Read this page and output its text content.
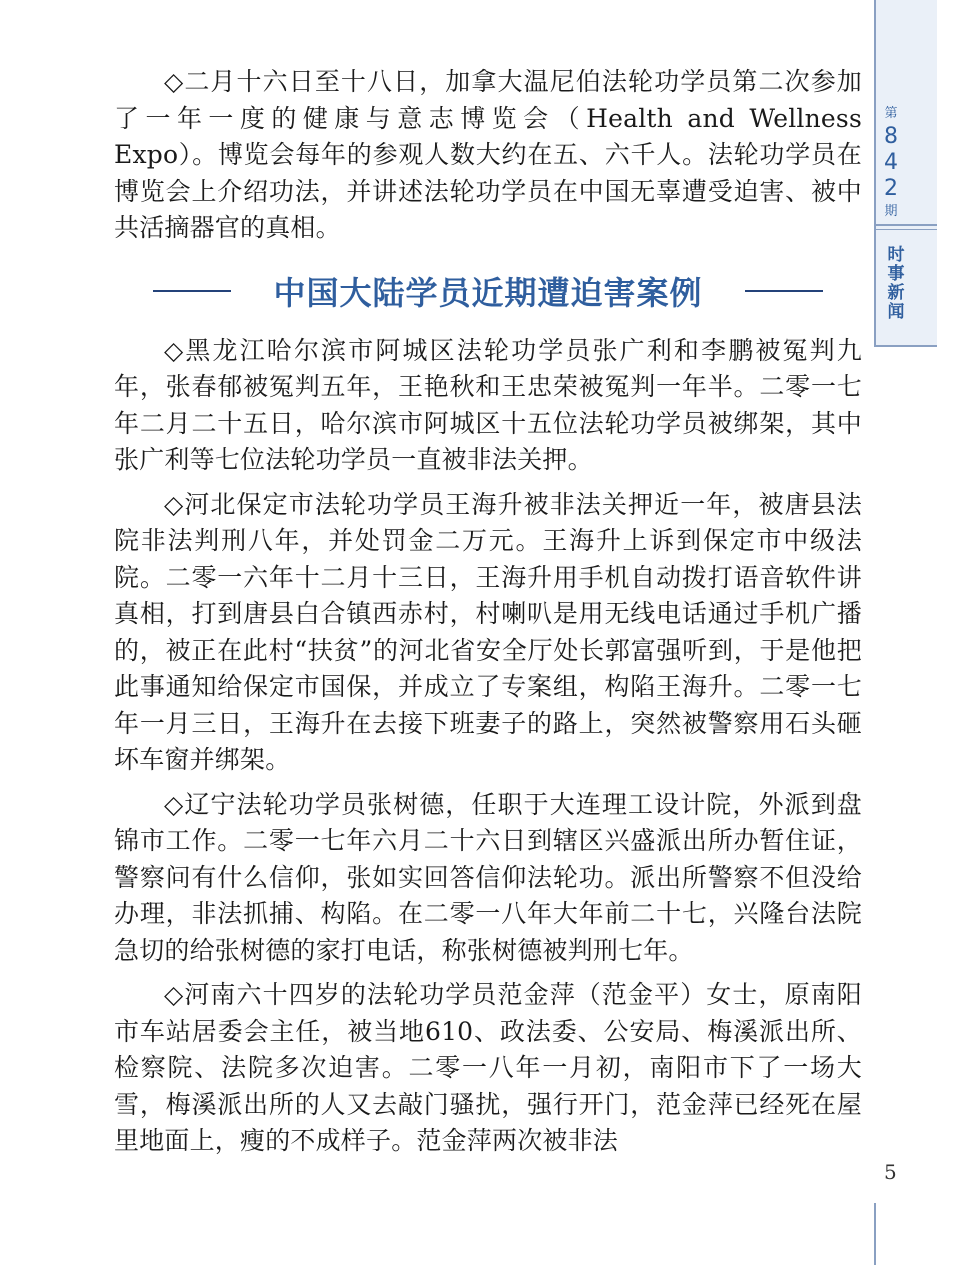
◇二月十六日至十八日，加拿大温尼伯法轮功学员第二次参加了一年一度的健康与意志博览会（Health and Wellness Expo）。博览会每年的参观人数大约在五、六千人。法轮功学员在博览会上介绍功法，并讲述法轮功学员在中国无辜遭受迫害、被中共活摘器官的真相。

中国大陆学员近期遭迫害案例

◇黑龙江哈尔滨市阿城区法轮功学员张广利和李鹏被冤判九年，张春郁被冤判五年，王艳秋和王忠荣被冤判一年半。二零一七年二月二十五日，哈尔滨市阿城区十五位法轮功学员被绑架，其中张广利等七位法轮功学员一直被非法关押。

◇河北保定市法轮功学员王海升被非法关押近一年，被唐县法院非法判刑八年，并处罚金二万元。王海升上诉到保定市中级法院。二零一六年十二月十三日，王海升用手机自动拨打语音软件讲真相，打到唐县白合镇西赤村，村喇叭是用无线电话通过手机广播的，被正在此村“扶贫”的河北省安全厅处长郭富强听到，于是他把此事通知给保定市国保，并成立了专案组，构陷王海升。二零一七年一月三日，王海升在去接下班妻子的路上，突然被警察用石头砸坏车窗并绑架。

◇辽宁法轮功学员张树德，任职于大连理工设计院，外派到盘锦市工作。二零一七年六月二十六日到辖区兴盛派出所办暂住证，警察问有什么信仰，张如实回答信仰法轮功。派出所警察不但没给办理，非法抓捕、构陷。在二零一八年大年前二十七，兴隆台法院急切的给张树德的家打电话，称张树德被判刑七年。

◇河南六十四岁的法轮功学员范金萍（范金平）女士，原南阳市车站居委会主任，被当地610、政法委、公安局、梅溪派出所、检察院、法院多次迫害。二零一八年一月初，南阳市下了一场大雪，梅溪派出所的人又去敲门骚扰，强行开门，范金萍已经死在屋里地面上，瘦的不成样子。范金萍两次被非法

第
8
4
2
期
时
事
新
闻
5
